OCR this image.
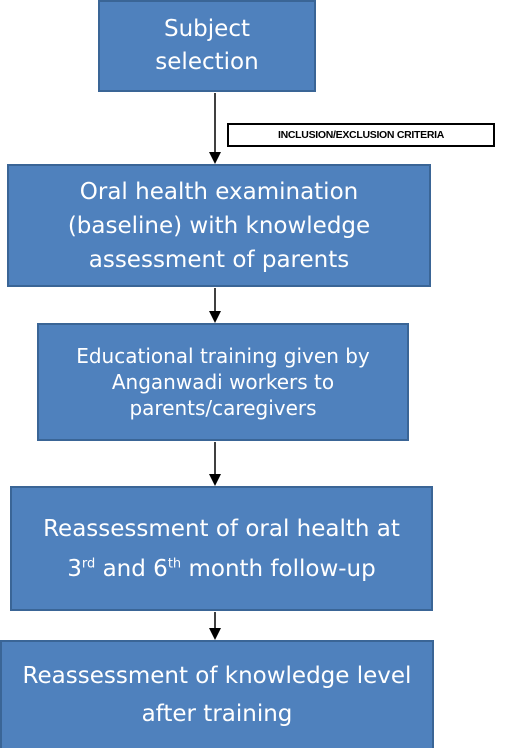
Subject
selection
INCLUSION/EXCLUSION CRITERIA
Oral health examination
(baseline) with knowledge
assessment of parents
Educational training given by
Anganwadi workers to
parents/caregivers
Reassessment of oral health at
3rd and 6th month follow-up
Reassessment of knowledge level
after training
